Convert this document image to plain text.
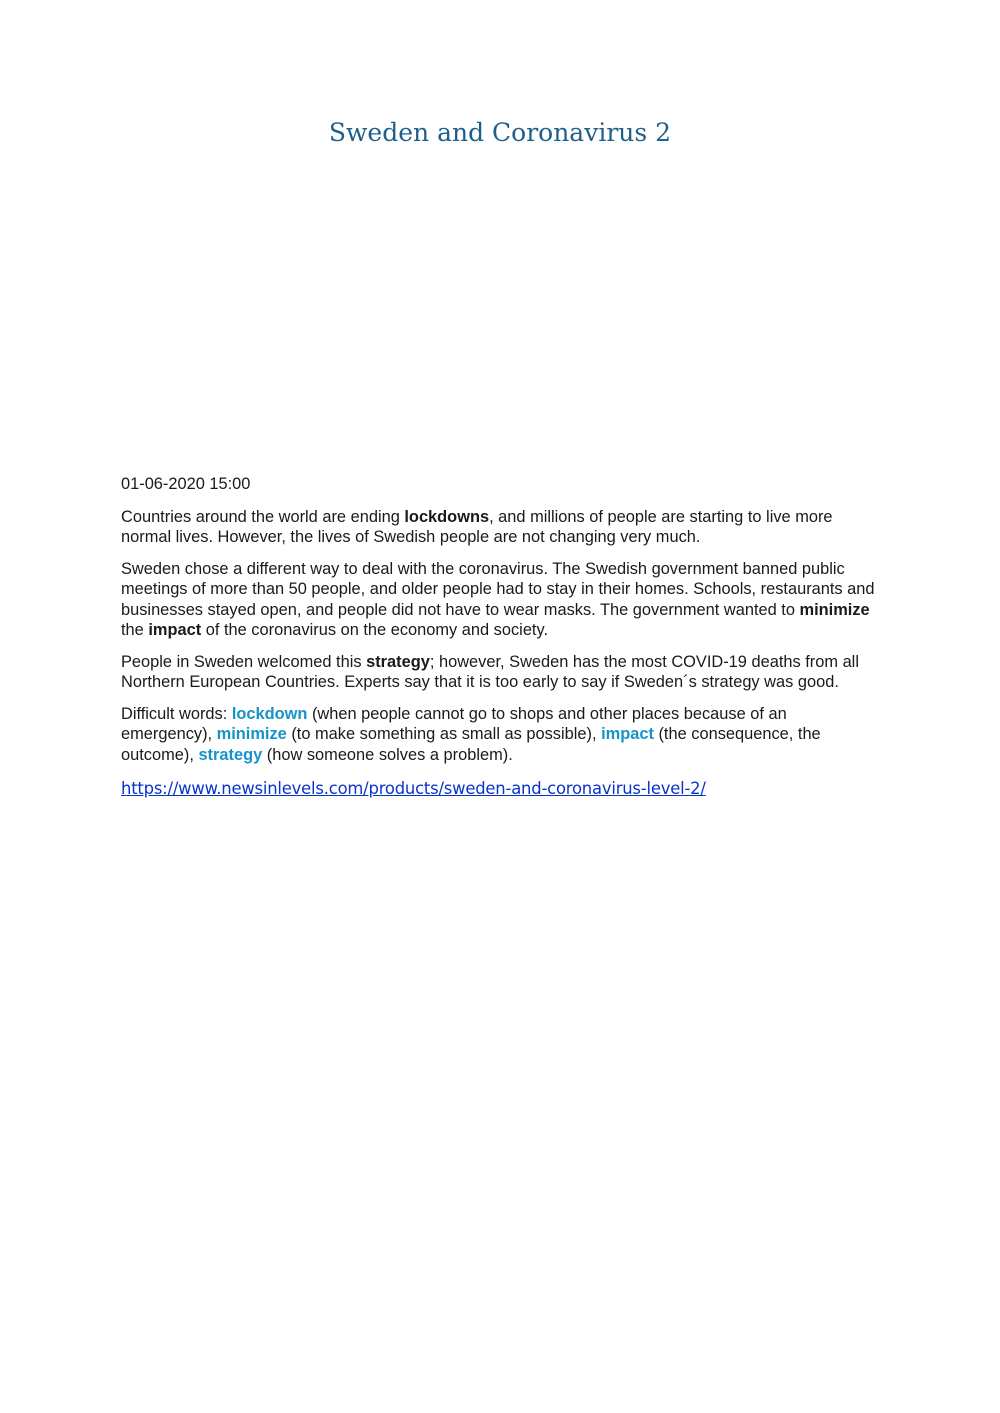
Sweden and Coronavirus 2

01-06-2020 15:00

Countries around the world are ending lockdowns, and millions of people are starting to live more normal lives. However, the lives of Swedish people are not changing very much.

Sweden chose a different way to deal with the coronavirus. The Swedish government banned public meetings of more than 50 people, and older people had to stay in their homes. Schools, restaurants and businesses stayed open, and people did not have to wear masks. The government wanted to minimize the impact of the coronavirus on the economy and society.

People in Sweden welcomed this strategy; however, Sweden has the most COVID-19 deaths from all Northern European Countries. Experts say that it is too early to say if Sweden´s strategy was good.

Difficult words: lockdown (when people cannot go to shops and other places because of an emergency), minimize (to make something as small as possible), impact (the consequence, the outcome), strategy (how someone solves a problem).

https://www.newsinlevels.com/products/sweden-and-coronavirus-level-2/
